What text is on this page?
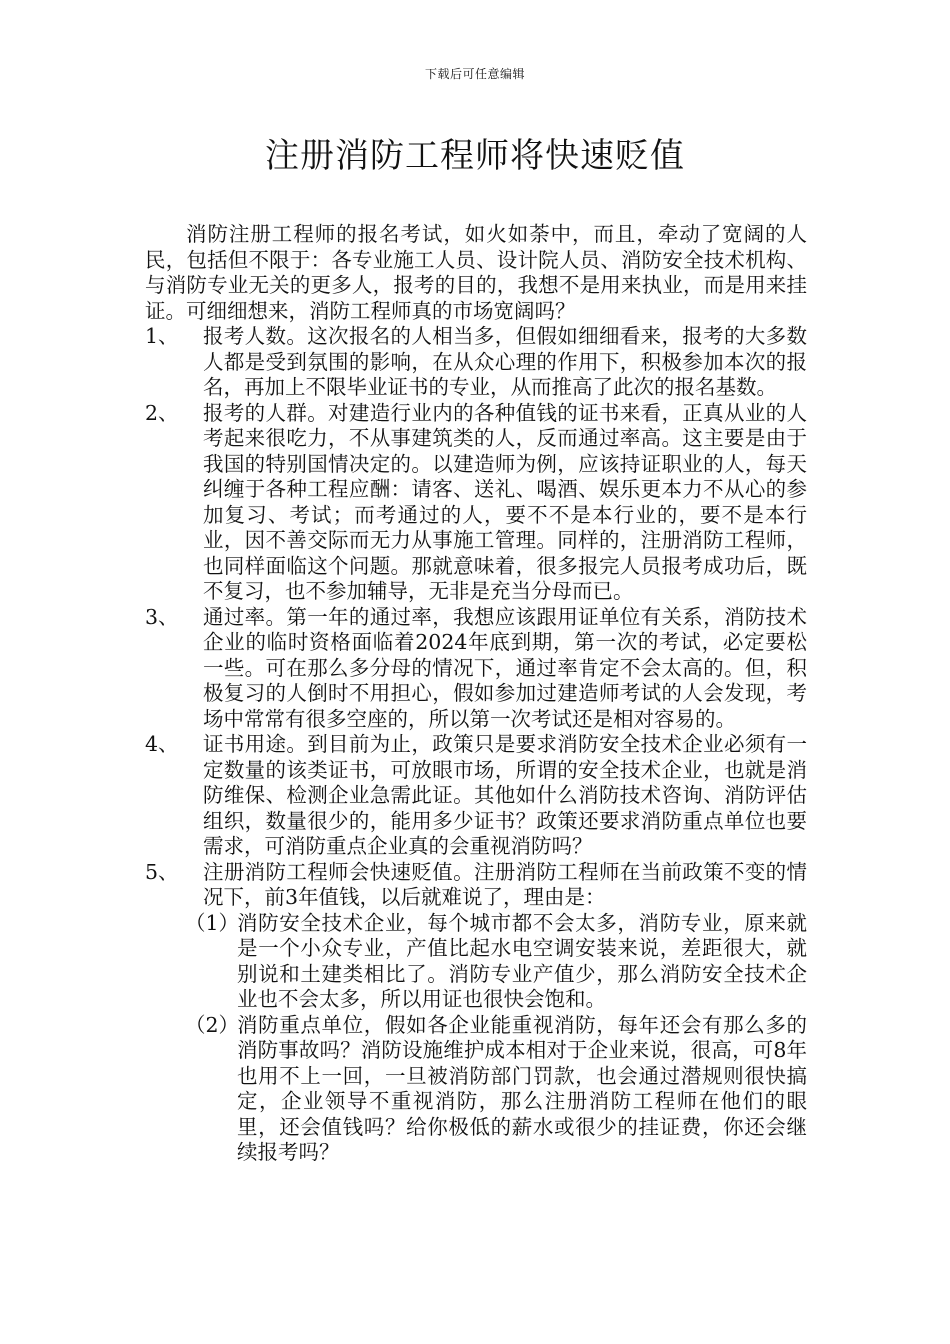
下载后可任意编辑
注册消防工程师将快速贬值

消防注册工程师的报名考试，如火如荼中，而且，牵动了宽阔的人民，包括但不限于：各专业施工人员、设计院人员、消防安全技术机构、与消防专业无关的更多人，报考的目的，我想不是用来执业，而是用来挂证。可细细想来，消防工程师真的市场宽阔吗？

1、	报考人数。这次报名的人相当多，但假如细细看来，报考的大多数人都是受到氛围的影响，在从众心理的作用下，积极参加本次的报名，再加上不限毕业证书的专业，从而推高了此次的报名基数。
2、	报考的人群。对建造行业内的各种值钱的证书来看，正真从业的人考起来很吃力，不从事建筑类的人，反而通过率高。这主要是由于我国的特别国情决定的。以建造师为例，应该持证职业的人，每天纠缠于各种工程应酬：请客、送礼、喝酒、娱乐更本力不从心的参加复习、考试；而考通过的人，要不不是本行业的，要不是本行业，因不善交际而无力从事施工管理。同样的，注册消防工程师，也同样面临这个问题。那就意味着，很多报完人员报考成功后，既不复习，也不参加辅导，无非是充当分母而已。
3、	通过率。第一年的通过率，我想应该跟用证单位有关系，消防技术企业的临时资格面临着2024年底到期，第一次的考试，必定要松一些。可在那么多分母的情况下，通过率肯定不会太高的。但，积极复习的人倒时不用担心，假如参加过建造师考试的人会发现，考场中常常有很多空座的，所以第一次考试还是相对容易的。
4、	证书用途。到目前为止，政策只是要求消防安全技术企业必须有一定数量的该类证书，可放眼市场，所谓的安全技术企业，也就是消防维保、检测企业急需此证。其他如什么消防技术咨询、消防评估组织，数量很少的，能用多少证书？政策还要求消防重点单位也要需求，可消防重点企业真的会重视消防吗？
5、	注册消防工程师会快速贬值。注册消防工程师在当前政策不变的情况下，前3年值钱，以后就难说了，理由是：
（1）
消防安全技术企业，每个城市都不会太多，消防专业，原来就是一个小众专业，产值比起水电空调安装来说，差距很大，就别说和土建类相比了。消防专业产值少，那么消防安全技术企业也不会太多，所以用证也很快会饱和。
（2）
消防重点单位，假如各企业能重视消防，每年还会有那么多的消防事故吗？消防设施维护成本相对于企业来说，很高，可8年也用不上一回，一旦被消防部门罚款，也会通过潜规则很快搞定，企业领导不重视消防，那么注册消防工程师在他们的眼里，还会值钱吗？给你极低的薪水或很少的挂证费，你还会继续报考吗？
